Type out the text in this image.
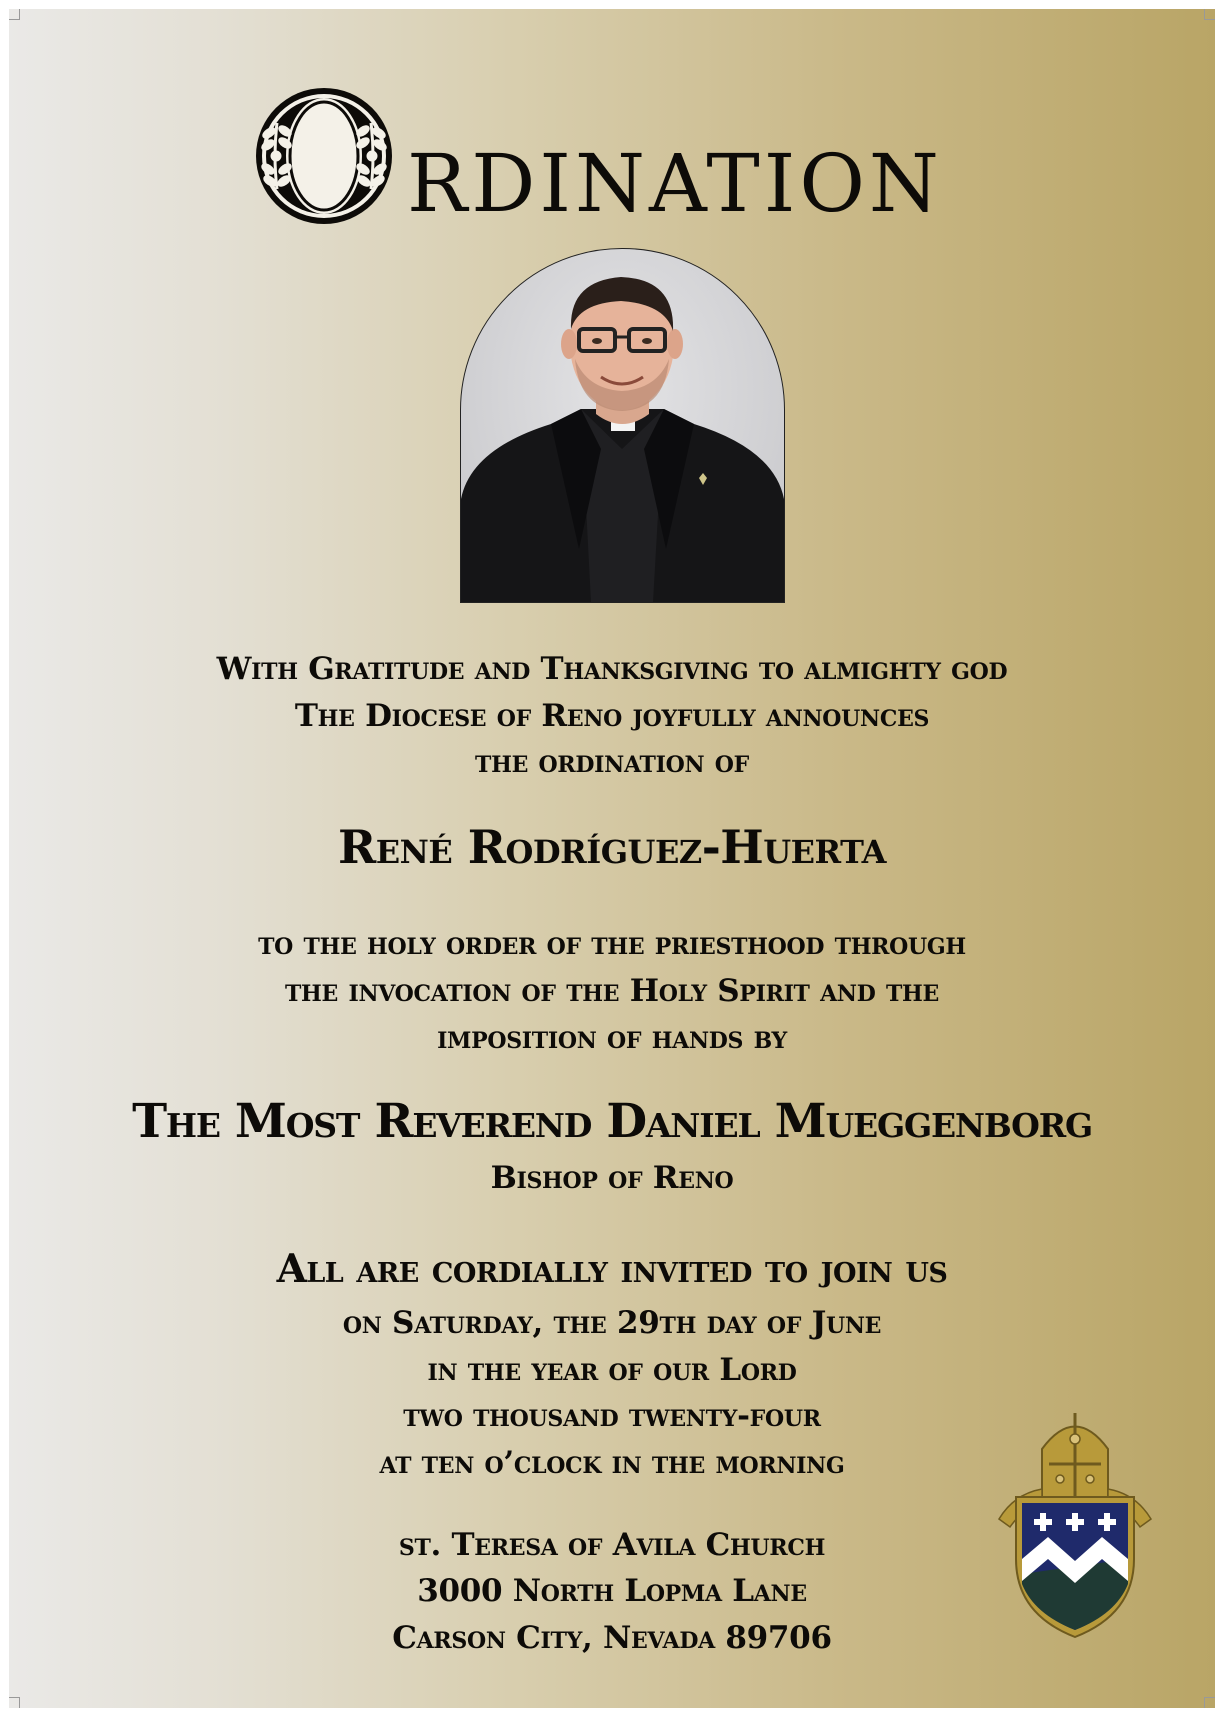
RDINATION
With Gratitude and Thanksgiving to almighty god
The Diocese of Reno joyfully announces
the ordination of
René Rodríguez-Huerta
to the holy order of the priesthood through
the invocation of the Holy Spirit and the
imposition of hands by
The Most Reverend Daniel Mueggenborg
Bishop of Reno
All are cordially invited to join us
on Saturday, the 29th day of June
in the year of our Lord
two thousand twenty-four
at ten o’clock in the morning
st. Teresa of Avila Church
3000 North Lopma Lane
Carson City, Nevada 89706
